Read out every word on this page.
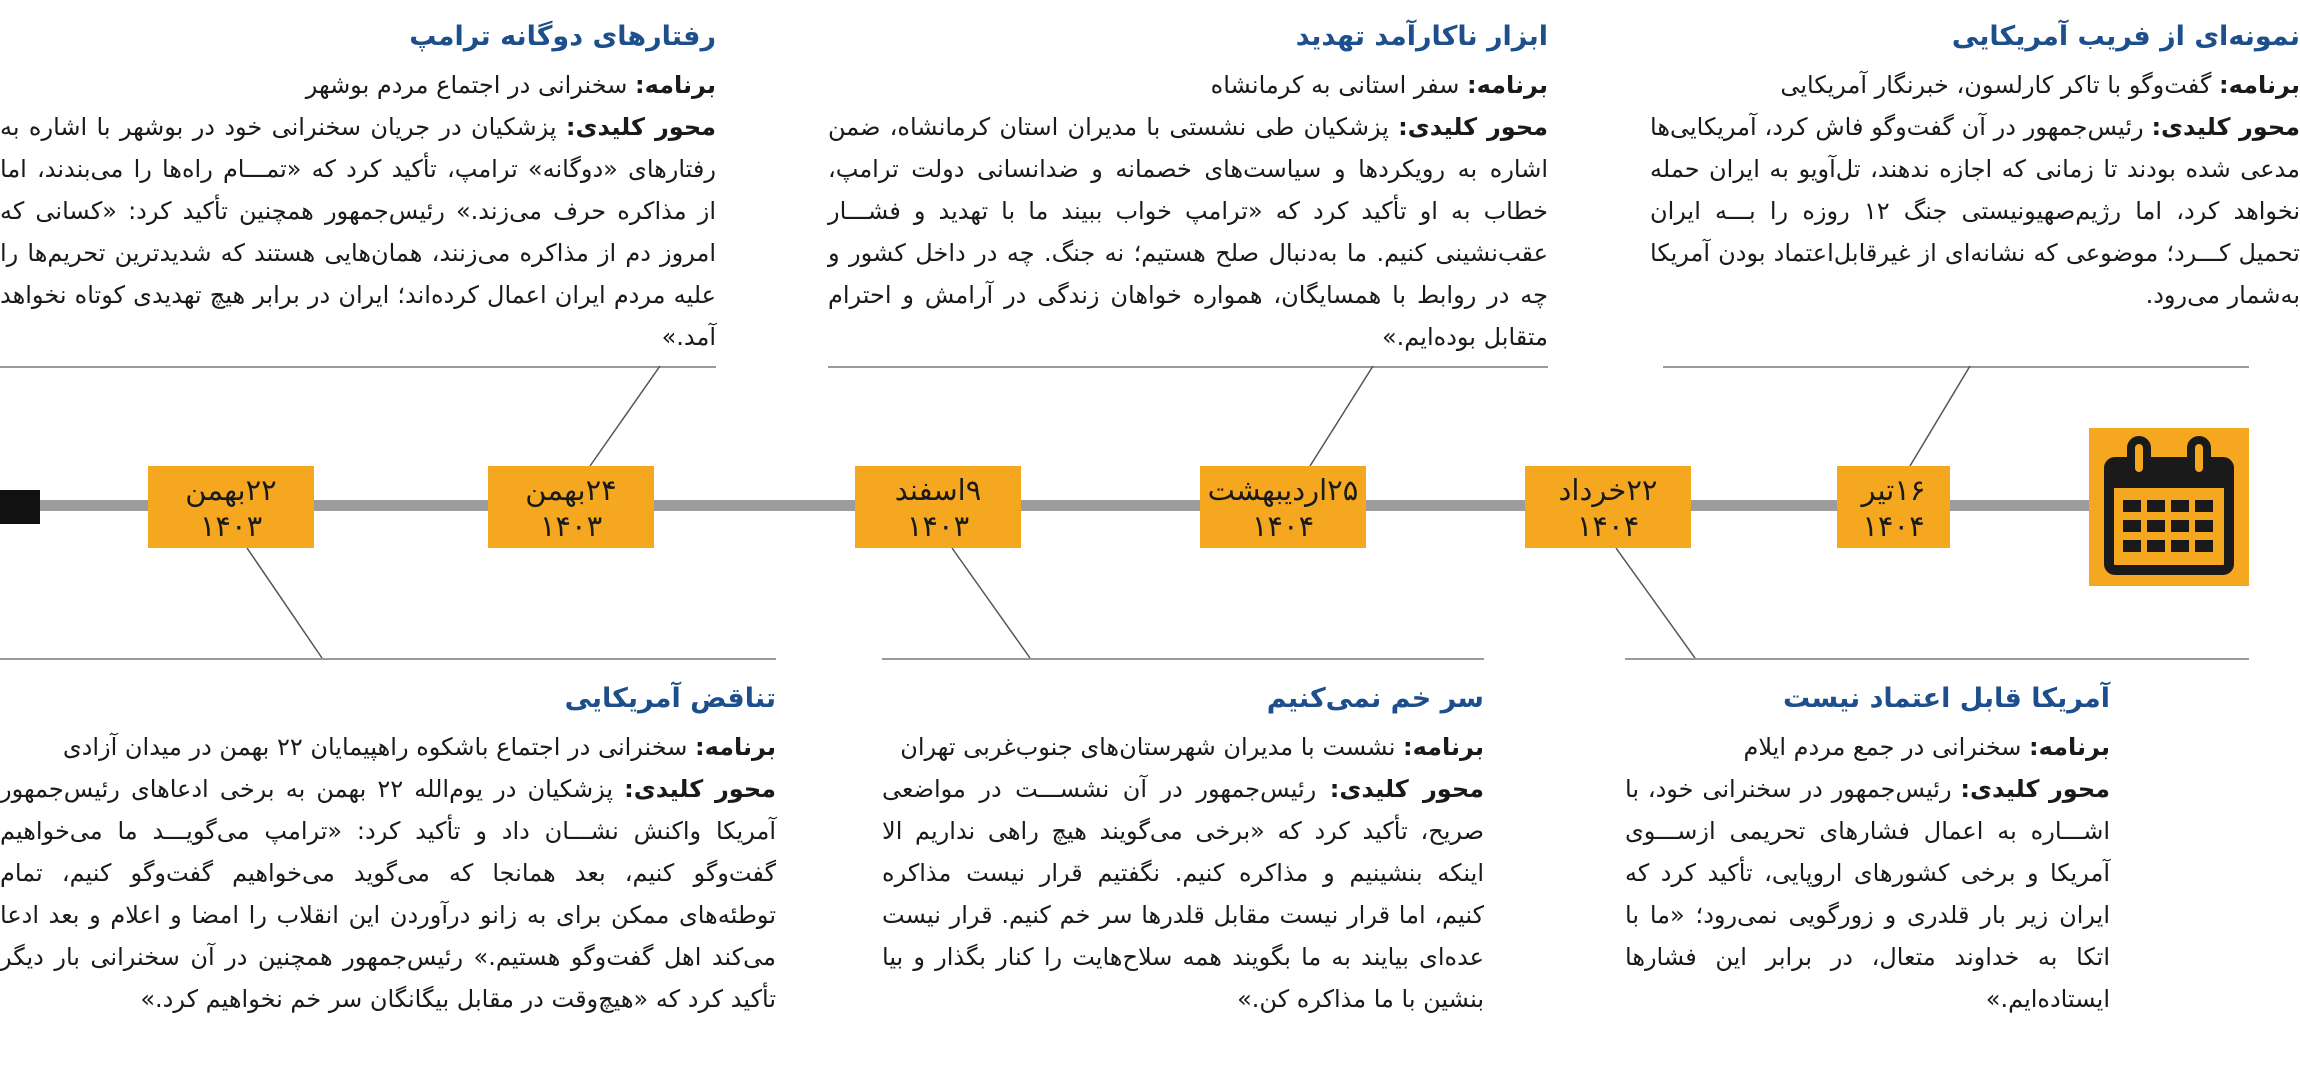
نمونه‌ای از فریب آمریکایی

برنامه: گفت‌وگو با تاکر کارلسون، خبرنگار آمریکایی

محور کلیدی: رئیس‌جمهور در آن گفت‌وگو فاش کرد، آمریکایی‌ها مدعی شده بودند تا زمانی که اجازه ندهند، تل‌آویو به ایران حمله نخواهد کرد، اما رژیم‌صهیونیستی جنگ ۱۲ روزه را بـــه ایران تحمیل کـــرد؛ موضوعی که نشانه‌ای از غیرقابل‌اعتماد بودن آمریکا به‌شمار می‌رود.

ابزار ناکارآمد تهدید

برنامه: سفر استانی به کرمانشاه

محور کلیدی: پزشکیان طی نشستی با مدیران استان کرمانشاه، ضمن اشاره به رویکردها و سیاست‌های خصمانه و ضدانسانی دولت ترامپ، خطاب به او تأکید کرد که «ترامپ خواب ببیند ما با تهدید و فشـــار عقب‌نشینی کنیم. ما به‌دنبال صلح هستیم؛ نه جنگ. چه در داخل کشور و چه در روابط با همسایگان، همواره خواهان زندگی در آرامش و احترام متقابل بوده‌ایم.»

رفتارهای دوگانه ترامپ

برنامه: سخنرانی در اجتماع مردم بوشهر

محور کلیدی: پزشکیان در جریان سخنرانی خود در بوشهر با اشاره به رفتارهای «دوگانه» ترامپ، تأکید کرد که «تمـــام راه‌ها را می‌بندند، اما از مذاکره حرف می‌زند.» رئیس‌جمهور همچنین تأکید کرد: «کسانی که امروز دم از مذاکره می‌زنند، همان‌هایی هستند که شدیدترین تحریم‌ها را علیه مردم ایران اعمال کرده‌اند؛ ایران در برابر هیچ تهدیدی کوتاه نخواهد آمد.»

آمریکا قابل اعتماد نیست

برنامه: سخنرانی در جمع مردم ایلام

محور کلیدی: رئیس‌جمهور در سخنرانی خود، با اشـــاره به اعمال فشارهای تحریمی ازســـوی آمریکا و برخی کشورهای اروپایی، تأکید کرد که ایران زیر بار قلدری و زورگویی نمی‌رود؛ «ما با اتکا به خداوند متعال، در برابر این فشارها ایستاده‌ایم.»

سر خم نمی‌کنیم

برنامه: نشست با مدیران شهرستان‌های جنوب‌غربی تهران

محور کلیدی: رئیس‌جمهور در آن نشســـت در مواضعی صریح، تأکید کرد که «برخی می‌گویند هیچ راهی نداریم الا اینکه بنشینیم و مذاکره کنیم. نگفتیم قرار نیست مذاکره کنیم، اما قرار نیست مقابل قلدرها سر خم کنیم. قرار نیست عده‌ای بیایند به ما بگویند همه سلاح‌هایت را کنار بگذار و بیا بنشین با ما مذاکره کن.»

تناقض آمریکایی

برنامه: سخنرانی در اجتماع باشکوه راهپیمایان ۲۲ بهمن در میدان آزادی

محور کلیدی: پزشکیان در یوم‌الله ۲۲ بهمن به برخی ادعاهای رئیس‌جمهور آمریکا واکنش نشـــان داد و تأکید کرد: «ترامپ می‌گویـــد ما می‌خواهیم گفت‌وگو کنیم، بعد همانجا که می‌گوید می‌خواهیم گفت‌وگو کنیم، تمام توطئه‌های ممکن برای به زانو درآوردن این انقلاب را امضا و اعلام و بعد ادعا می‌کند اهل گفت‌وگو هستیم.» رئیس‌جمهور همچنین در آن سخنرانی بار دیگر تأکید کرد که «هیچ‌وقت در مقابل بیگانگان سر خم نخواهیم کرد.»

۱۶تیر
۱۴۰۴
۲۲خرداد
۱۴۰۴
۲۵اردیبهشت
۱۴۰۴
۹اسفند
۱۴۰۳
۲۴بهمن
۱۴۰۳
۲۲بهمن
۱۴۰۳
